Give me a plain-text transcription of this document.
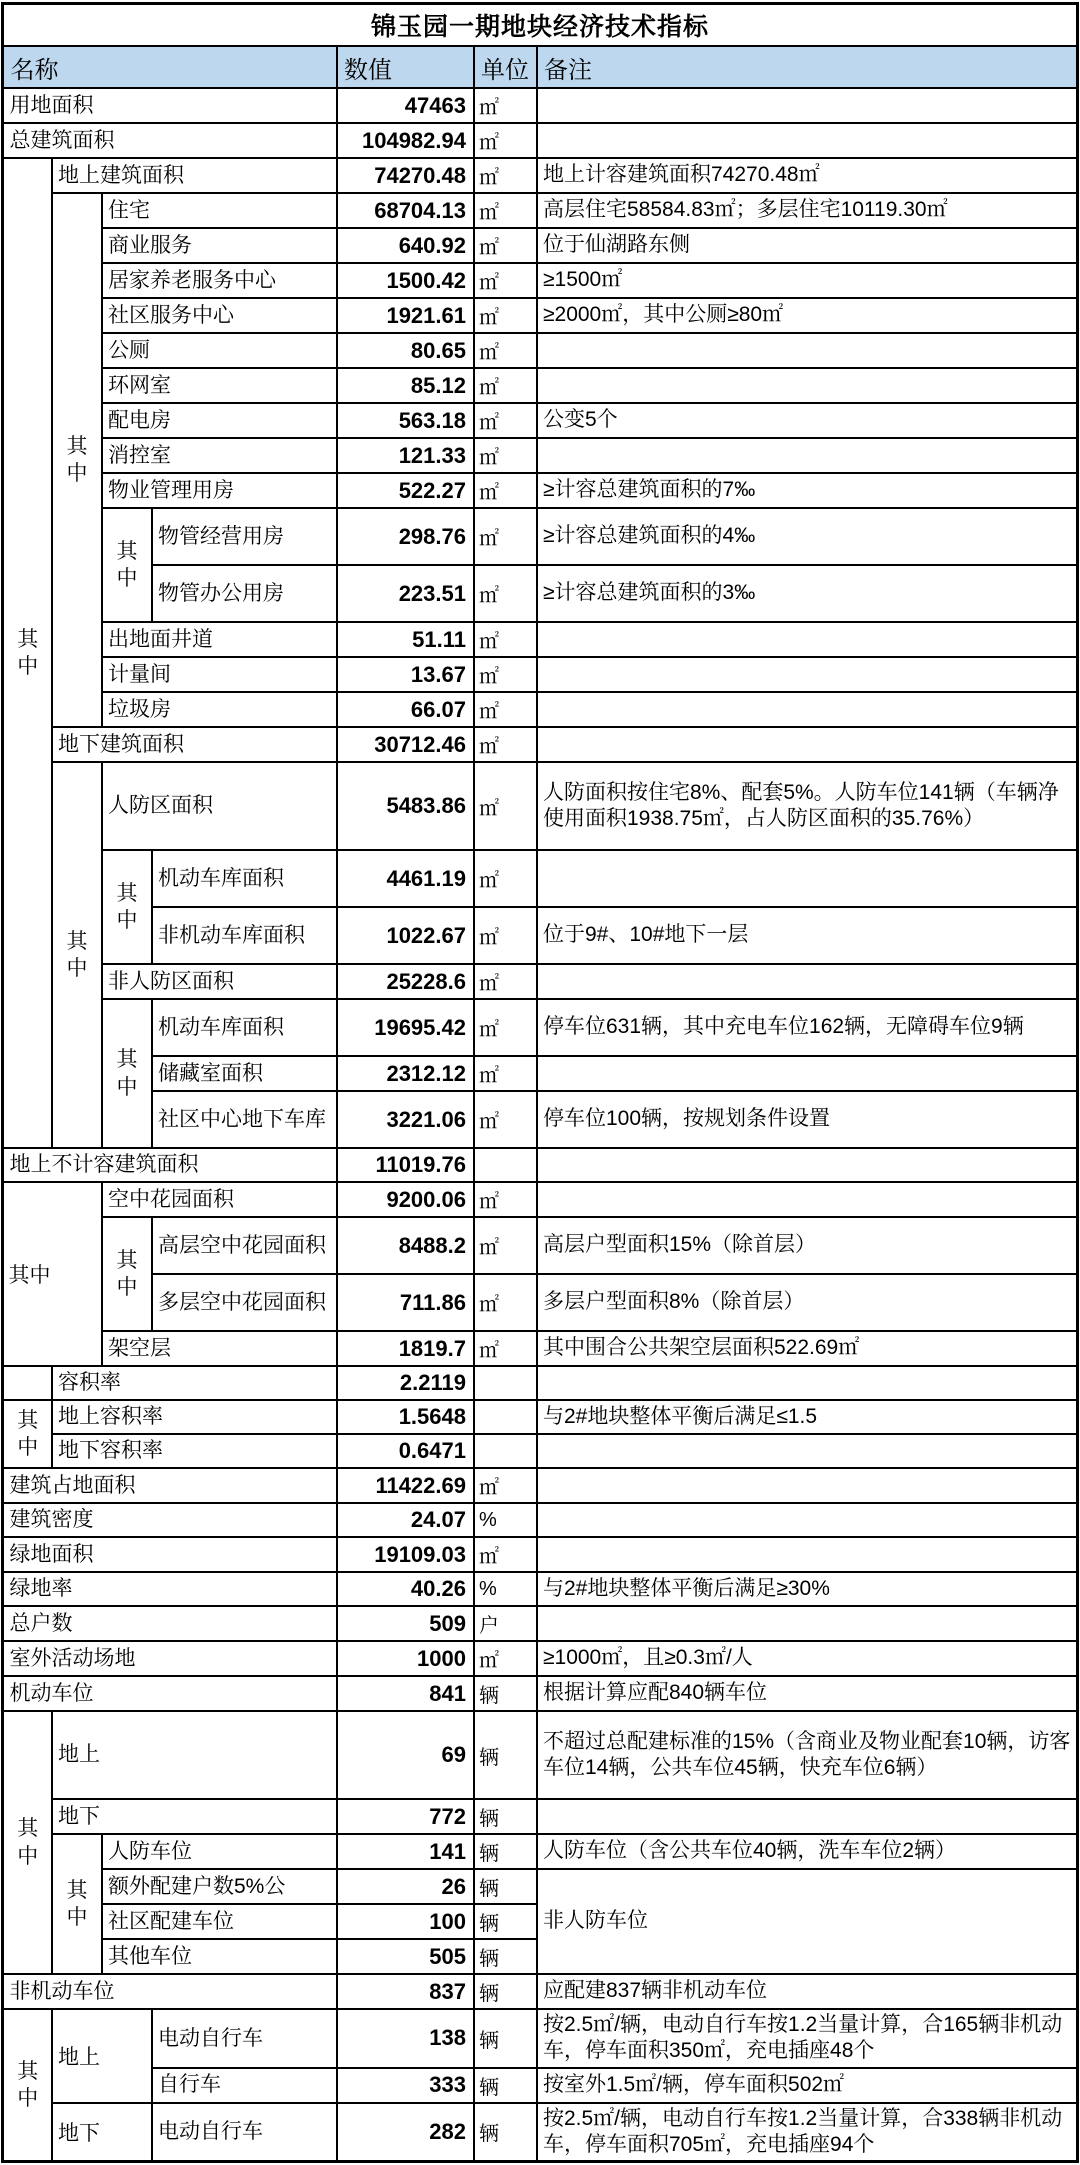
锦玉园一期地块经济技术指标						
名称				数值	单位	备注
用地面积				47463	㎡	
总建筑面积				104982.94	㎡	
其中	地上建筑面积			74270.48	㎡	地上计容建筑面积74270.48㎡
	其中	住宅		68704.13	㎡	高层住宅58584.83㎡；多层住宅10119.30㎡
		商业服务		640.92	㎡	位于仙湖路东侧
		居家养老服务中心		1500.42	㎡	≥1500㎡
		社区服务中心		1921.61	㎡	≥2000㎡，其中公厕≥80㎡
		公厕		80.65	㎡	
		环网室		85.12	㎡	
		配电房		563.18	㎡	公变5个
		消控室		121.33	㎡	
		物业管理用房		522.27	㎡	≥计容总建筑面积的7‰
		其中	物管经营用房	298.76	㎡	≥计容总建筑面积的4‰
			物管办公用房	223.51	㎡	≥计容总建筑面积的3‰
		出地面井道		51.11	㎡	
		计量间		13.67	㎡	
		垃圾房		66.07	㎡	
	地下建筑面积			30712.46	㎡	
	其中	人防区面积		5483.86	㎡	人防面积按住宅8%、配套5%。人防车位141辆（车辆净使用面积1938.75㎡，占人防区面积的35.76%）
		其中	机动车库面积	4461.19	㎡	
			非机动车库面积	1022.67	㎡	位于9#、10#地下一层
		非人防区面积		25228.6	㎡	
		其中	机动车库面积	19695.42	㎡	停车位631辆，其中充电车位162辆，无障碍车位9辆
			储藏室面积	2312.12	㎡	
			社区中心地下车库	3221.06	㎡	停车位100辆，按规划条件设置
地上不计容建筑面积				11019.76		
其中		空中花园面积		9200.06	㎡	
		其中	高层空中花园面积	8488.2	㎡	高层户型面积15%（除首层）
			多层空中花园面积	711.86	㎡	多层户型面积8%（除首层）
		架空层		1819.7	㎡	其中围合公共架空层面积522.69㎡
	容积率			2.2119		
其中	地上容积率			1.5648		与2#地块整体平衡后满足≤1.5
	地下容积率			0.6471		
建筑占地面积				11422.69	㎡	
建筑密度				24.07	%	
绿地面积				19109.03	㎡	
绿地率				40.26	%	与2#地块整体平衡后满足≥30%
总户数				509	户	
室外活动场地				1000	㎡	≥1000㎡，且≥0.3㎡/人
机动车位				841	辆	根据计算应配840辆车位
其中	地上			69	辆	不超过总配建标准的15%（含商业及物业配套10辆，访客车位14辆，公共车位45辆，快充车位6辆）
	地下			772	辆	
	其中	人防车位		141	辆	人防车位（含公共车位40辆，洗车车位2辆）
		额外配建户数5%公		26	辆	非人防车位
		社区配建车位		100	辆	
		其他车位		505	辆	
非机动车位				837	辆	应配建837辆非机动车位
其中	地上		电动自行车	138	辆	按2.5㎡/辆，电动自行车按1.2当量计算，合165辆非机动车，停车面积350㎡，充电插座48个
			自行车	333	辆	按室外1.5㎡/辆，停车面积502㎡
	地下		电动自行车	282	辆	按2.5㎡/辆，电动自行车按1.2当量计算，合338辆非机动车，停车面积705㎡，充电插座94个
